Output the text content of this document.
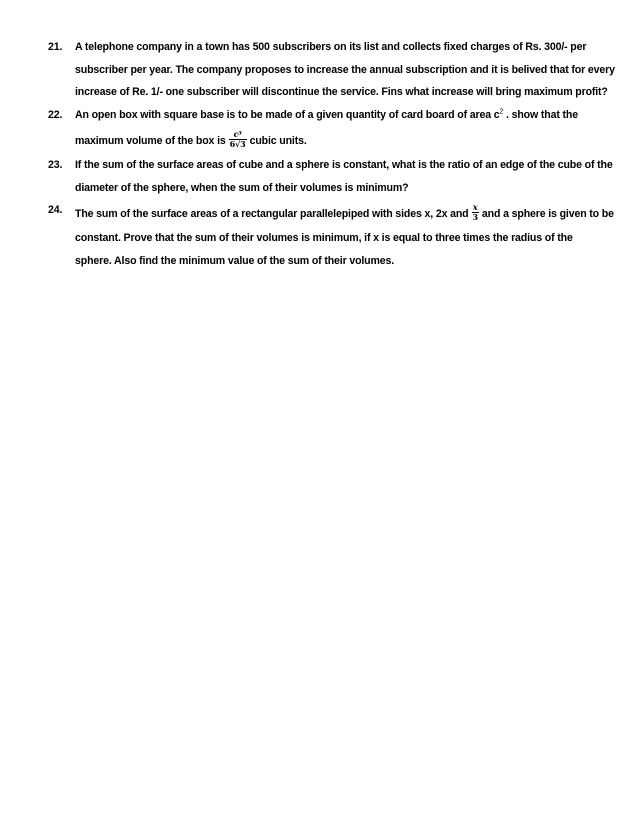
21. A telephone company in a town has 500 subscribers on its list and collects fixed charges of Rs. 300/- per
subscriber per year. The company proposes to increase the annual subscription and it is belived that for every
increase of Re. 1/- one subscriber will discontinue the service. Fins what increase will bring maximum profit?
22. An open box with square base is to be made of a given quantity of card board of area $c^2$ . show that the
maximum volume of the box is $\frac{\text{c³}}{6√3}$ cubic units.
23. If the sum of the surface areas of cube and a sphere is constant, what is the ratio of an edge of the cube of the
diameter of the sphere, when the sum of their volumes is minimum?
24. The sum of the surface areas of a rectangular parallelepiped with sides x, 2x and $\frac{x}{3}$ and a sphere is given to be
constant. Prove that the sum of their volumes is minimum, if x is equal to three times the radius of the
sphere. Also find the minimum value of the sum of their volumes.
